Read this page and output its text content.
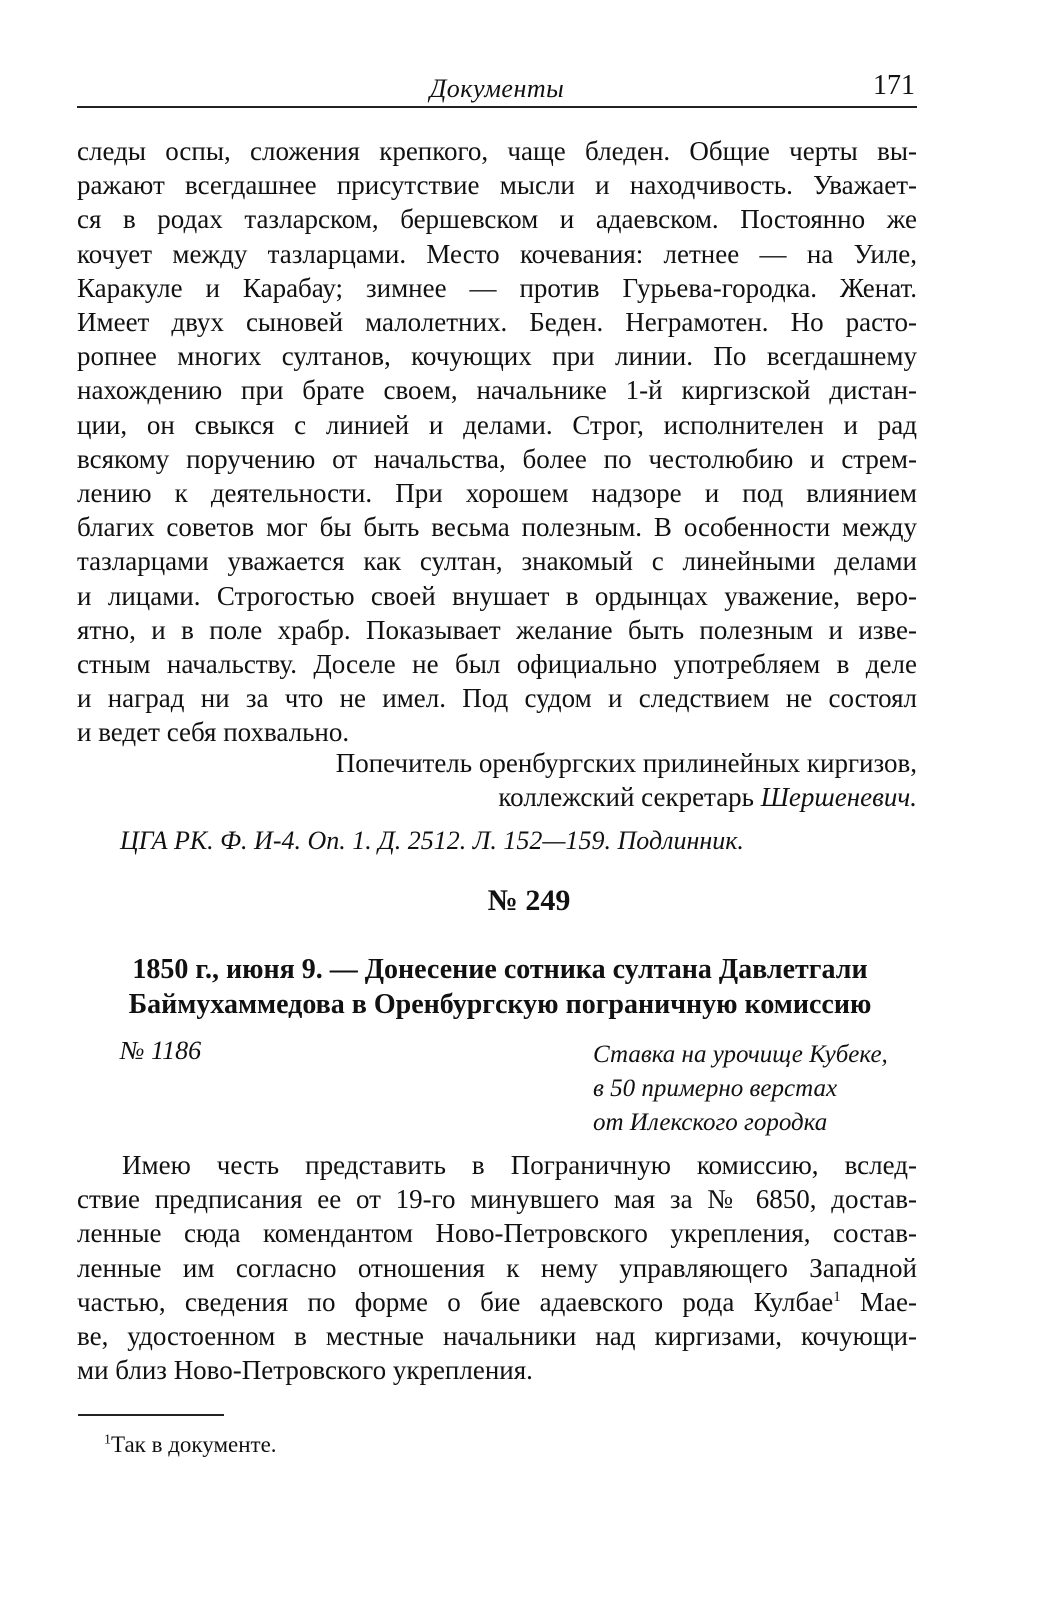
Документы	171
следы оспы, сложения крепкого, чаще бледен. Общие черты вы-
ражают всегдашнее присутствие мысли и находчивость. Уважает-
ся в родах тазларском, бершевском и адаевском. Постоянно же
кочует между тазларцами. Место кочевания: летнее — на Уиле,
Каракуле и Карабау; зимнее — против Гурьева-городка. Женат.
Имеет двух сыновей малолетних. Беден. Неграмотен. Но расто-
ропнее многих султанов, кочующих при линии. По всегдашнему
нахождению при брате своем, начальнике 1-й киргизской дистан-
ции, он свыкся с линией и делами. Строг, исполнителен и рад
всякому поручению от начальства, более по честолюбию и стрем-
лению к деятельности. При хорошем надзоре и под влиянием
благих советов мог бы быть весьма полезным. В особенности между
тазларцами уважается как султан, знакомый с линейными делами
и лицами. Строгостью своей внушает в ордынцах уважение, веро-
ятно, и в поле храбр. Показывает желание быть полезным и изве-
стным начальству. Доселе не был официально употребляем в деле
и наград ни за что не имел. Под судом и следствием не состоял
и ведет себя похвально.
Попечитель оренбургских прилинейных киргизов,
коллежский секретарь Шершеневич.
ЦГА РК. Ф. И-4. Оп. 1. Д. 2512. Л. 152—159. Подлинник.
№ 249
1850 г., июня 9. — Донесение сотника султана Давлетгали
Баймухаммедова в Оренбургскую пограничную комиссию
№ 1186	Ставка на урочище Кубеке,
в 50 примерно верстах
от Илекского городка
Имею честь представить в Пограничную комиссию, вслед-
ствие предписания ее от 19-го минувшего мая за № 6850, достав-
ленные сюда комендантом Ново-Петровского укрепления, состав-
ленные им согласно отношения к нему управляющего Западной
частью, сведения по форме о бие адаевского рода Кулбае$^1$ Мае-
ве, удостоенном в местные начальники над киргизами, кочующи-
ми близ Ново-Петровского укрепления.
$^1$Так в документе.
